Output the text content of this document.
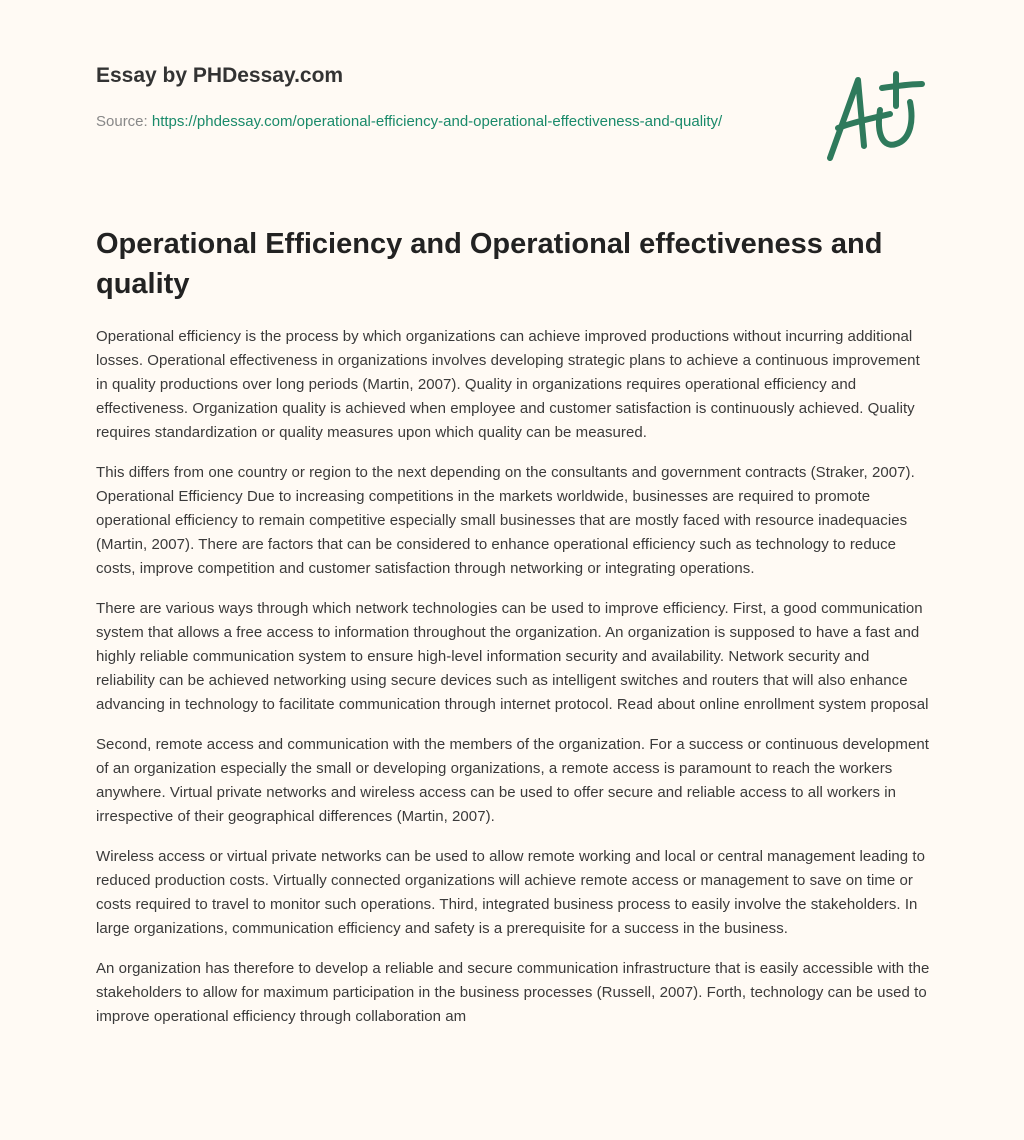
Essay by PHDessay.com
Source: https://phdessay.com/operational-efficiency-and-operational-effectiveness-and-quality/
Operational Efficiency and Operational effectiveness and quality

Operational efficiency is the process by which organizations can achieve improved productions without incurring additional losses. Operational effectiveness in organizations involves developing strategic plans to achieve a continuous improvement in quality productions over long periods (Martin, 2007). Quality in organizations requires operational efficiency and effectiveness. Organization quality is achieved when employee and customer satisfaction is continuously achieved. Quality requires standardization or quality measures upon which quality can be measured.

This differs from one country or region to the next depending on the consultants and government contracts (Straker, 2007). Operational Efficiency Due to increasing competitions in the markets worldwide, businesses are required to promote operational efficiency to remain competitive especially small businesses that are mostly faced with resource inadequacies (Martin, 2007). There are factors that can be considered to enhance operational efficiency such as technology to reduce costs, improve competition and customer satisfaction through networking or integrating operations.

There are various ways through which network technologies can be used to improve efficiency. First, a good communication system that allows a free access to information throughout the organization. An organization is supposed to have a fast and highly reliable communication system to ensure high-level information security and availability. Network security and reliability can be achieved networking using secure devices such as intelligent switches and routers that will also enhance advancing in technology to facilitate communication through internet protocol. Read about online enrollment system proposal

Second, remote access and communication with the members of the organization. For a success or continuous development of an organization especially the small or developing organizations, a remote access is paramount to reach the workers anywhere. Virtual private networks and wireless access can be used to offer secure and reliable access to all workers in irrespective of their geographical differences (Martin, 2007).

Wireless access or virtual private networks can be used to allow remote working and local or central management leading to reduced production costs. Virtually connected organizations will achieve remote access or management to save on time or costs required to travel to monitor such operations. Third, integrated business process to easily involve the stakeholders. In large organizations, communication efficiency and safety is a prerequisite for a success in the business.

An organization has therefore to develop a reliable and secure communication infrastructure that is easily accessible with the stakeholders to allow for maximum participation in the business processes (Russell, 2007). Forth, technology can be used to improve operational efficiency through collaboration am
